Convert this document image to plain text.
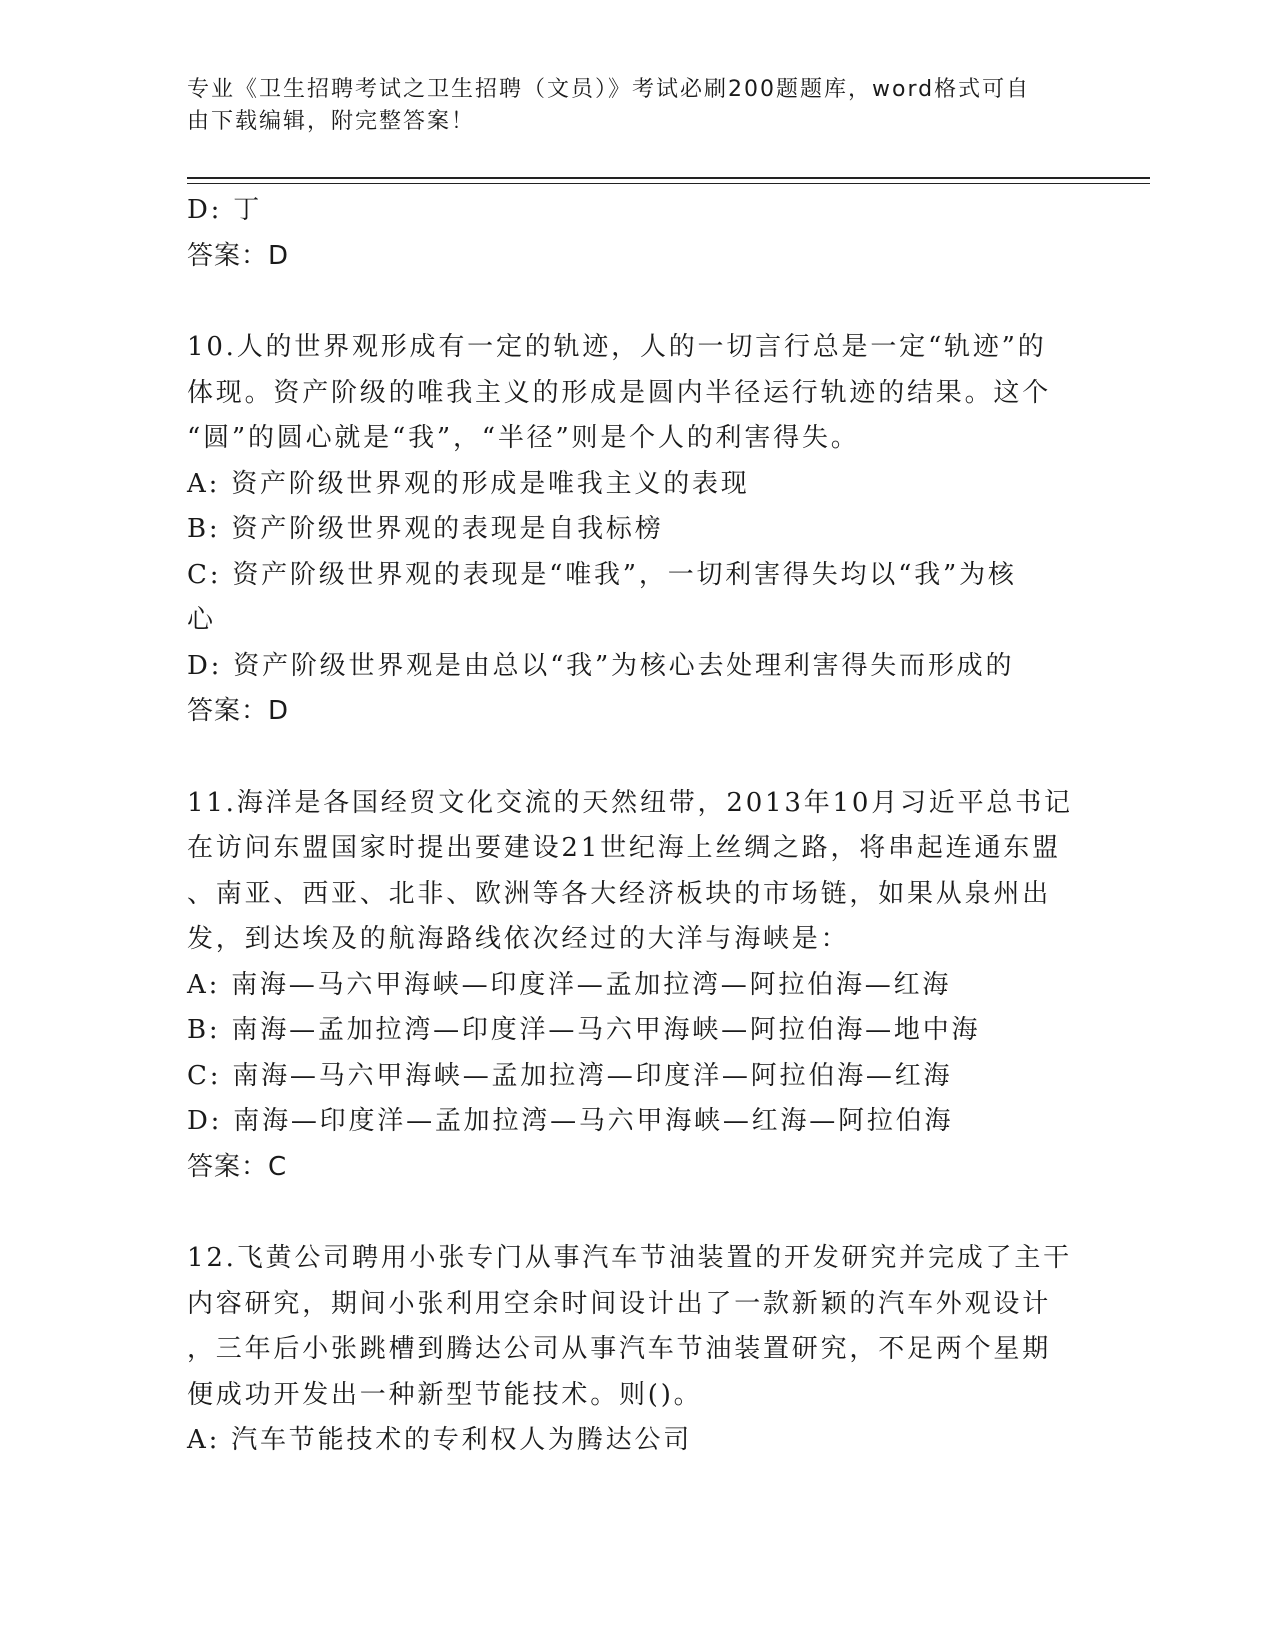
专业《卫生招聘考试之卫生招聘（文员）》考试必刷200题题库，word格式可自
由下载编辑，附完整答案！
D: 丁
答案：D
10.人的世界观形成有一定的轨迹，人的一切言行总是一定“轨迹”的
体现。资产阶级的唯我主义的形成是圆内半径运行轨迹的结果。这个
“圆”的圆心就是“我”，“半径”则是个人的利害得失。
A: 资产阶级世界观的形成是唯我主义的表现
B: 资产阶级世界观的表现是自我标榜
C: 资产阶级世界观的表现是“唯我”，一切利害得失均以“我”为核
心
D: 资产阶级世界观是由总以“我”为核心去处理利害得失而形成的
答案：D
11.海洋是各国经贸文化交流的天然纽带，2013年10月习近平总书记
在访问东盟国家时提出要建设21世纪海上丝绸之路，将串起连通东盟
、南亚、西亚、北非、欧洲等各大经济板块的市场链，如果从泉州出
发，到达埃及的航海路线依次经过的大洋与海峡是：
A: 南海—马六甲海峡—印度洋—孟加拉湾—阿拉伯海—红海
B: 南海—孟加拉湾—印度洋—马六甲海峡—阿拉伯海—地中海
C: 南海—马六甲海峡—孟加拉湾—印度洋—阿拉伯海—红海
D: 南海—印度洋—孟加拉湾—马六甲海峡—红海—阿拉伯海
答案：C
12.飞黄公司聘用小张专门从事汽车节油装置的开发研究并完成了主干
内容研究，期间小张利用空余时间设计出了一款新颖的汽车外观设计
，三年后小张跳槽到腾达公司从事汽车节油装置研究，不足两个星期
便成功开发出一种新型节能技术。则()。
A: 汽车节能技术的专利权人为腾达公司
